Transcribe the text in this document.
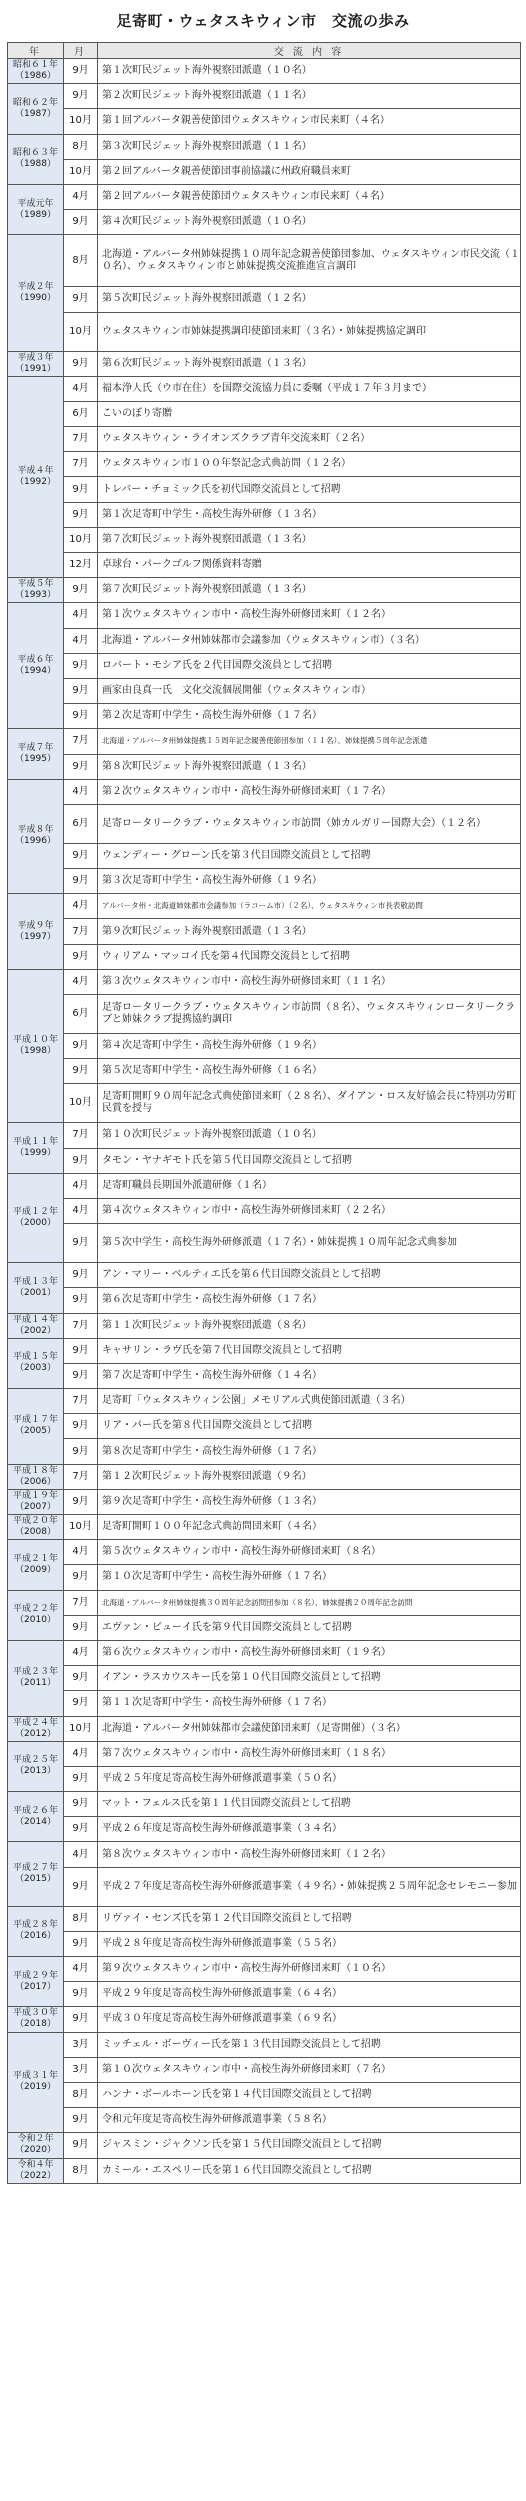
足寄町・ウェタスキウィン市　交流の歩み
年	月	交 流 内 容

昭和６１年
（1986）	9月	第１次町民ジェット海外視察団派遣（１０名）

昭和６２年
（1987）	9月	第２次町民ジェット海外視察団派遣（１１名）
	10月	第１回アルバータ親善使節団ウェタスキウィン市民来町（４名）

昭和６３年
（1988）	8月	第３次町民ジェット海外視察団派遣（１１名）
	10月	第２回アルバータ親善使節団事前協議に州政府職員来町

平成元年
（1989）	4月	第２回アルバータ親善使節団ウェタスキウィン市民来町（４名）
	9月	第４次町民ジェット海外視察団派遣（１０名）

平成２年
（1990）	8月	北海道・アルバータ州姉妹提携１０周年記念親善使節団参加、ウェタスキウィン市民交流（１０名）、ウェタスキウィン市と姉妹提携交流推進宣言調印
	9月	第５次町民ジェット海外視察団派遣（１２名）
	10月	ウェタスキウィン市姉妹提携調印使節団来町（３名）・姉妹提携協定調印

平成３年
（1991）	9月	第６次町民ジェット海外視察団派遣（１３名）

平成４年
（1992）	4月	福本浄人氏（ウ市在住）を国際交流協力員に委嘱（平成１７年３月まで）
	6月	こいのぼり寄贈
	7月	ウェタスキウィン・ライオンズクラブ青年交流来町（２名）
	7月	ウェタスキウィン市１００年祭記念式典訪問（１２名）
	9月	トレバー・チョミック氏を初代国際交流員として招聘
	9月	第１次足寄町中学生・高校生海外研修（１３名）
	10月	第７次町民ジェット海外視察団派遣（１３名）
	12月	卓球台・パークゴルフ関係資料寄贈

平成５年
（1993）	9月	第７次町民ジェット海外視察団派遣（１３名）

平成６年
（1994）	4月	第１次ウェタスキウィン市中・高校生海外研修団来町（１２名）
	4月	北海道・アルバータ州姉妹都市会議参加（ウェタスキウィン市）（３名）
	9月	ロバート・モシア氏を２代目国際交流員として招聘
	9月	画家由良真一氏　文化交流個展開催（ウェタスキウィン市）
	9月	第２次足寄町中学生・高校生海外研修（１７名）

平成７年
（1995）	7月	北海道・アルバータ州姉妹提携１５周年記念親善使節団参加（１１名）、姉妹提携５周年記念派遣
	9月	第８次町民ジェット海外視察団派遣（１３名）

平成８年
（1996）	4月	第２次ウェタスキウィン市中・高校生海外研修団来町（１７名）
	6月	足寄ロータリークラブ・ウェタスキウィン市訪問（姉カルガリー国際大会）（１２名）
	9月	ウェンディー・グローン氏を第３代目国際交流員として招聘
	9月	第３次足寄町中学生・高校生海外研修（１９名）

平成９年
（1997）	4月	アルバータ州・北海道姉妹都市会議参加（ラコーム市）（２名）、ウェタスキウィン市長表敬訪問
	7月	第９次町民ジェット海外視察団派遣（１３名）
	9月	ウィリアム・マッコイ氏を第４代国際交流員として招聘

平成１０年
（1998）	4月	第３次ウェタスキウィン市中・高校生海外研修団来町（１１名）
	6月	足寄ロータリークラブ・ウェタスキウィン市訪問（８名）、ウェタスキウィンロータリークラブと姉妹クラブ提携協約調印
	9月	第４次足寄町中学生・高校生海外研修（１９名）
	9月	第５次足寄町中学生・高校生海外研修（１６名）
	10月	足寄町開町９０周年記念式典使節団来町（２８名）、ダイアン・ロス友好協会長に特別功労町民賞を授与

平成１１年
（1999）	7月	第１０次町民ジェット海外視察団派遣（１０名）
	9月	タモン・ヤナギモト氏を第５代目国際交流員として招聘

平成１２年
（2000）	4月	足寄町職員長期国外派遣研修（１名）
	4月	第４次ウェタスキウィン市中・高校生海外研修団来町（２２名）
	9月	第５次中学生・高校生海外研修派遣（１７名）・姉妹提携１０周年記念式典参加

平成１３年
（2001）	9月	アン・マリー・ベルティエ氏を第６代目国際交流員として招聘
	9月	第６次足寄町中学生・高校生海外研修（１７名）

平成１４年
（2002）	7月	第１１次町民ジェット海外視察団派遣（８名）

平成１５年
（2003）	9月	キャサリン・ラヴ氏を第７代目国際交流員として招聘
	9月	第７次足寄町中学生・高校生海外研修（１４名）

平成１７年
（2005）	7月	足寄町「ウェタスキウィン公園」メモリアル式典使節団派遣（３名）
	9月	リア・パー氏を第８代目国際交流員として招聘
	9月	第８次足寄町中学生・高校生海外研修（１７名）

平成１８年
（2006）	7月	第１２次町民ジェット海外視察団派遣（９名）

平成１９年
（2007）	9月	第９次足寄町中学生・高校生海外研修（１３名）

平成２０年
（2008）	10月	足寄町開町１００年記念式典訪問団来町（４名）

平成２１年
（2009）	4月	第５次ウェタスキウィン市中・高校生海外研修団来町（８名）
	9月	第１０次足寄町中学生・高校生海外研修（１７名）

平成２２年
（2010）	7月	北海道・アルバータ州姉妹提携３０周年記念訪問団参加（８名）、姉妹提携２０周年記念訪問
	9月	エヴァン・ビューイ氏を第９代目国際交流員として招聘

平成２３年
（2011）	4月	第６次ウェタスキウィン市中・高校生海外研修団来町（１９名）
	9月	イアン・ラスカウスキー氏を第１０代目国際交流員として招聘
	9月	第１１次足寄町中学生・高校生海外研修（１７名）

平成２４年
（2012）	10月	北海道・アルバータ州姉妹都市会議使節団来町（足寄開催）（３名）

平成２５年
（2013）	4月	第７次ウェタスキウィン市中・高校生海外研修団来町（１８名）
	9月	平成２５年度足寄高校生海外研修派遣事業（５０名）

平成２６年
（2014）	9月	マット・フェルス氏を第１１代目国際交流員として招聘
	9月	平成２６年度足寄高校生海外研修派遣事業（３４名）

平成２７年
（2015）	4月	第８次ウェタスキウィン市中・高校生海外研修団来町（１２名）
	9月	平成２７年度足寄高校生海外研修派遣事業（４９名）・姉妹提携２５周年記念セレモニー参加

平成２８年
（2016）	8月	リヴァイ・センズ氏を第１２代目国際交流員として招聘
	9月	平成２８年度足寄高校生海外研修派遣事業（５５名）

平成２９年
（2017）	4月	第９次ウェタスキウィン市中・高校生海外研修団来町（１０名）
	9月	平成２９年度足寄高校生海外研修派遣事業（６４名）

平成３０年
（2018）	9月	平成３０年度足寄高校生海外研修派遣事業（６９名）

平成３１年
（2019）	3月	ミッチェル・ボーヴィー氏を第１３代目国際交流員として招聘
	3月	第１０次ウェタスキウィン市中・高校生海外研修団来町（７名）
	8月	ハンナ・ボールホーン氏を第１４代目国際交流員として招聘
	9月	令和元年度足寄高校生海外研修派遣事業（５８名）

令和２年
（2020）	9月	ジャスミン・ジャクソン氏を第１５代目国際交流員として招聘

令和４年
（2022）	8月	カミール・エスペリー氏を第１６代目国際交流員として招聘
